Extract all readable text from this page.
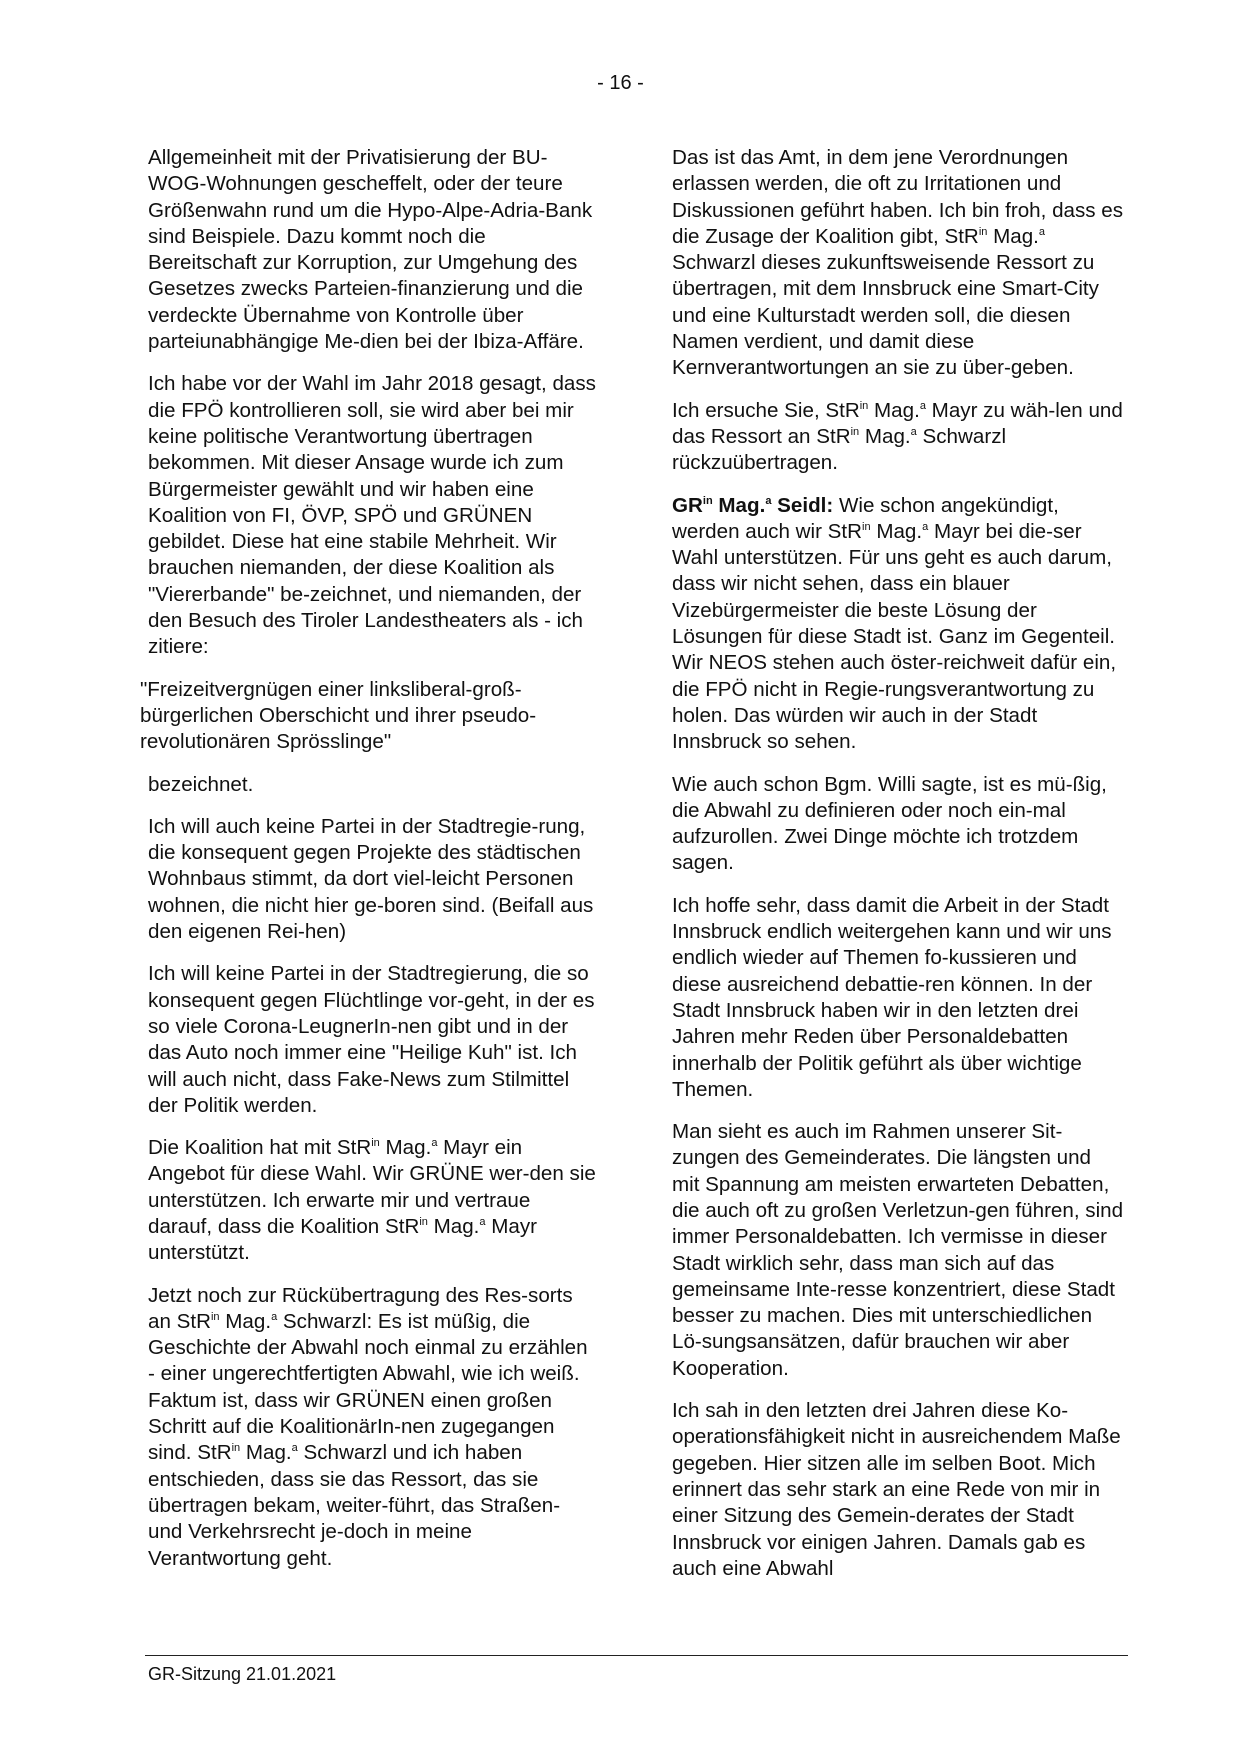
- 16 -

Allgemeinheit mit der Privatisierung der BU-WOG-Wohnungen gescheffelt, oder der teure Größenwahn rund um die Hypo-Alpe-Adria-Bank sind Beispiele. Dazu kommt noch die Bereitschaft zur Korruption, zur Umgehung des Gesetzes zwecks Parteien-finanzierung und die verdeckte Übernahme von Kontrolle über parteiunabhängige Me-dien bei der Ibiza-Affäre.

Ich habe vor der Wahl im Jahr 2018 gesagt, dass die FPÖ kontrollieren soll, sie wird aber bei mir keine politische Verantwortung übertragen bekommen. Mit dieser Ansage wurde ich zum Bürgermeister gewählt und wir haben eine Koalition von FI, ÖVP, SPÖ und GRÜNEN gebildet. Diese hat eine stabile Mehrheit. Wir brauchen niemanden, der diese Koalition als "Viererbande" be-zeichnet, und niemanden, der den Besuch des Tiroler Landestheaters als - ich zitiere:

"Freizeitvergnügen einer linksliberal-groß-bürgerlichen Oberschicht und ihrer pseudo-revolutionären Sprösslinge"

bezeichnet.

Ich will auch keine Partei in der Stadtregie-rung, die konsequent gegen Projekte des städtischen Wohnbaus stimmt, da dort viel-leicht Personen wohnen, die nicht hier ge-boren sind. (Beifall aus den eigenen Rei-hen)

Ich will keine Partei in der Stadtregierung, die so konsequent gegen Flüchtlinge vor-geht, in der es so viele Corona-LeugnerIn-nen gibt und in der das Auto noch immer eine "Heilige Kuh" ist. Ich will auch nicht, dass Fake-News zum Stilmittel der Politik werden.

Die Koalition hat mit StR$^{in}$ Mag.$^a$ Mayr ein Angebot für diese Wahl. Wir GRÜNE wer-den sie unterstützen. Ich erwarte mir und vertraue darauf, dass die Koalition StR$^{in}$ Mag.$^a$ Mayr unterstützt.

Jetzt noch zur Rückübertragung des Res-sorts an StR$^{in}$ Mag.$^a$ Schwarzl: Es ist müßig, die Geschichte der Abwahl noch einmal zu erzählen - einer ungerechtfertigten Abwahl, wie ich weiß. Faktum ist, dass wir GRÜNEN einen großen Schritt auf die KoalitionärIn-nen zugegangen sind. StR$^{in}$ Mag.$^a$ Schwarzl und ich haben entschieden, dass sie das Ressort, das sie übertragen bekam, weiter-führt, das Straßen- und Verkehrsrecht je-doch in meine Verantwortung geht.

Das ist das Amt, in dem jene Verordnungen erlassen werden, die oft zu Irritationen und Diskussionen geführt haben. Ich bin froh, dass es die Zusage der Koalition gibt, StR$^{in}$ Mag.$^a$ Schwarzl dieses zukunftsweisende Ressort zu übertragen, mit dem Innsbruck eine Smart-City und eine Kulturstadt werden soll, die diesen Namen verdient, und damit diese Kernverantwortungen an sie zu über-geben.

Ich ersuche Sie, StR$^{in}$ Mag.$^a$ Mayr zu wäh-len und das Ressort an StR$^{in}$ Mag.$^a$ Schwarzl rückzuübertragen.

$GR^{in}$ Mag.$^a$ Seidl: Wie schon angekündigt, werden auch wir StR$^{in}$ Mag.$^a$ Mayr bei die-ser Wahl unterstützen. Für uns geht es auch darum, dass wir nicht sehen, dass ein blauer Vizebürgermeister die beste Lösung der Lösungen für diese Stadt ist. Ganz im Gegenteil. Wir NEOS stehen auch öster-reichweit dafür ein, die FPÖ nicht in Regie-rungsverantwortung zu holen. Das würden wir auch in der Stadt Innsbruck so sehen.

Wie auch schon Bgm. Willi sagte, ist es mü-ßig, die Abwahl zu definieren oder noch ein-mal aufzurollen. Zwei Dinge möchte ich trotzdem sagen.

Ich hoffe sehr, dass damit die Arbeit in der Stadt Innsbruck endlich weitergehen kann und wir uns endlich wieder auf Themen fo-kussieren und diese ausreichend debattie-ren können. In der Stadt Innsbruck haben wir in den letzten drei Jahren mehr Reden über Personaldebatten innerhalb der Politik geführt als über wichtige Themen.

Man sieht es auch im Rahmen unserer Sit-zungen des Gemeinderates. Die längsten und mit Spannung am meisten erwarteten Debatten, die auch oft zu großen Verletzun-gen führen, sind immer Personaldebatten. Ich vermisse in dieser Stadt wirklich sehr, dass man sich auf das gemeinsame Inte-resse konzentriert, diese Stadt besser zu machen. Dies mit unterschiedlichen Lö-sungsansätzen, dafür brauchen wir aber Kooperation.

Ich sah in den letzten drei Jahren diese Ko-operationsfähigkeit nicht in ausreichendem Maße gegeben. Hier sitzen alle im selben Boot. Mich erinnert das sehr stark an eine Rede von mir in einer Sitzung des Gemein-derates der Stadt Innsbruck vor einigen Jahren. Damals gab es auch eine Abwahl

GR-Sitzung 21.01.2021
